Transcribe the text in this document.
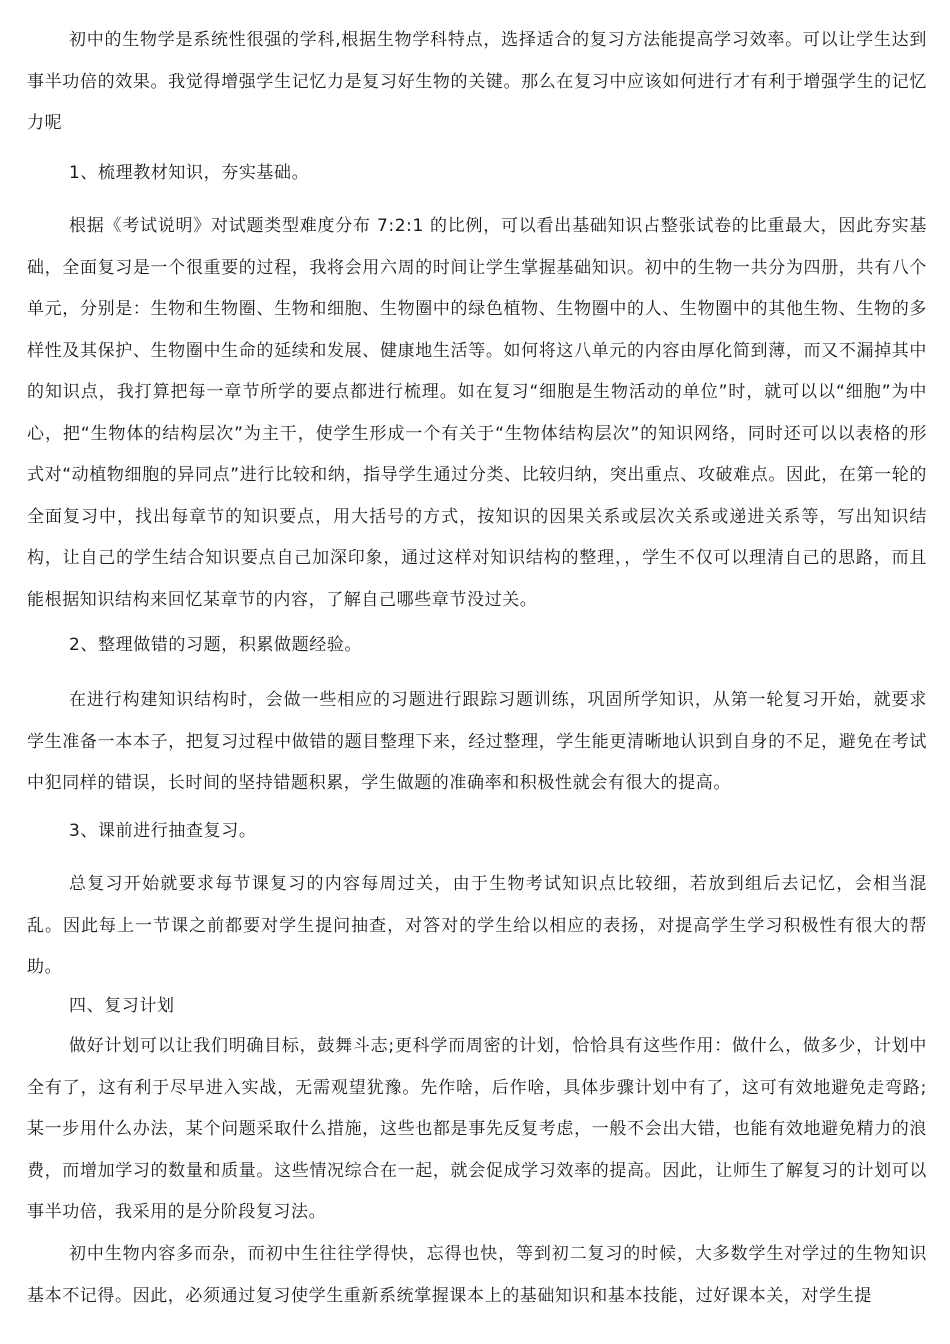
初中的生物学是系统性很强的学科,根据生物学科特点，选择适合的复习方法能提高学习效率。可以让学生达到事半功倍的效果。我觉得增强学生记忆力是复习好生物的关键。那么在复习中应该如何进行才有利于增强学生的记忆力呢

1、梳理教材知识，夯实基础。

根据《考试说明》对试题类型难度分布 7:2:1 的比例，可以看出基础知识占整张试卷的比重最大，因此夯实基础，全面复习是一个很重要的过程，我将会用六周的时间让学生掌握基础知识。初中的生物一共分为四册，共有八个单元，分别是：生物和生物圈、生物和细胞、生物圈中的绿色植物、生物圈中的人、生物圈中的其他生物、生物的多样性及其保护、生物圈中生命的延续和发展、健康地生活等。如何将这八单元的内容由厚化简到薄，而又不漏掉其中的知识点，我打算把每一章节所学的要点都进行梳理。如在复习“细胞是生物活动的单位”时，就可以以“细胞”为中心，把“生物体的结构层次”为主干，使学生形成一个有关于“生物体结构层次”的知识网络，同时还可以以表格的形式对“动植物细胞的异同点”进行比较和纳，指导学生通过分类、比较归纳，突出重点、攻破难点。因此，在第一轮的全面复习中，找出每章节的知识要点，用大括号的方式，按知识的因果关系或层次关系或递进关系等，写出知识结构，让自己的学生结合知识要点自己加深印象，通过这样对知识结构的整理，，学生不仅可以理清自己的思路，而且能根据知识结构来回忆某章节的内容，了解自己哪些章节没过关。

2、整理做错的习题，积累做题经验。

在进行构建知识结构时，会做一些相应的习题进行跟踪习题训练，巩固所学知识，从第一轮复习开始，就要求学生准备一本本子，把复习过程中做错的题目整理下来，经过整理，学生能更清晰地认识到自身的不足，避免在考试中犯同样的错误，长时间的坚持错题积累，学生做题的准确率和积极性就会有很大的提高。

3、课前进行抽查复习。

总复习开始就要求每节课复习的内容每周过关，由于生物考试知识点比较细，若放到组后去记忆，会相当混乱。因此每上一节课之前都要对学生提问抽查，对答对的学生给以相应的表扬，对提高学生学习积极性有很大的帮助。

四、复习计划

做好计划可以让我们明确目标，鼓舞斗志;更科学而周密的计划，恰恰具有这些作用：做什么，做多少，计划中全有了，这有利于尽早进入实战，无需观望犹豫。先作啥，后作啥，具体步骤计划中有了，这可有效地避免走弯路;某一步用什么办法，某个问题采取什么措施，这些也都是事先反复考虑，一般不会出大错，也能有效地避免精力的浪费，而增加学习的数量和质量。这些情况综合在一起，就会促成学习效率的提高。因此，让师生了解复习的计划可以事半功倍，我采用的是分阶段复习法。

初中生物内容多而杂，而初中生往往学得快，忘得也快，等到初二复习的时候，大多数学生对学过的生物知识基本不记得。因此，必须通过复习使学生重新系统掌握课本上的基础知识和基本技能，过好课本关，对学生提
